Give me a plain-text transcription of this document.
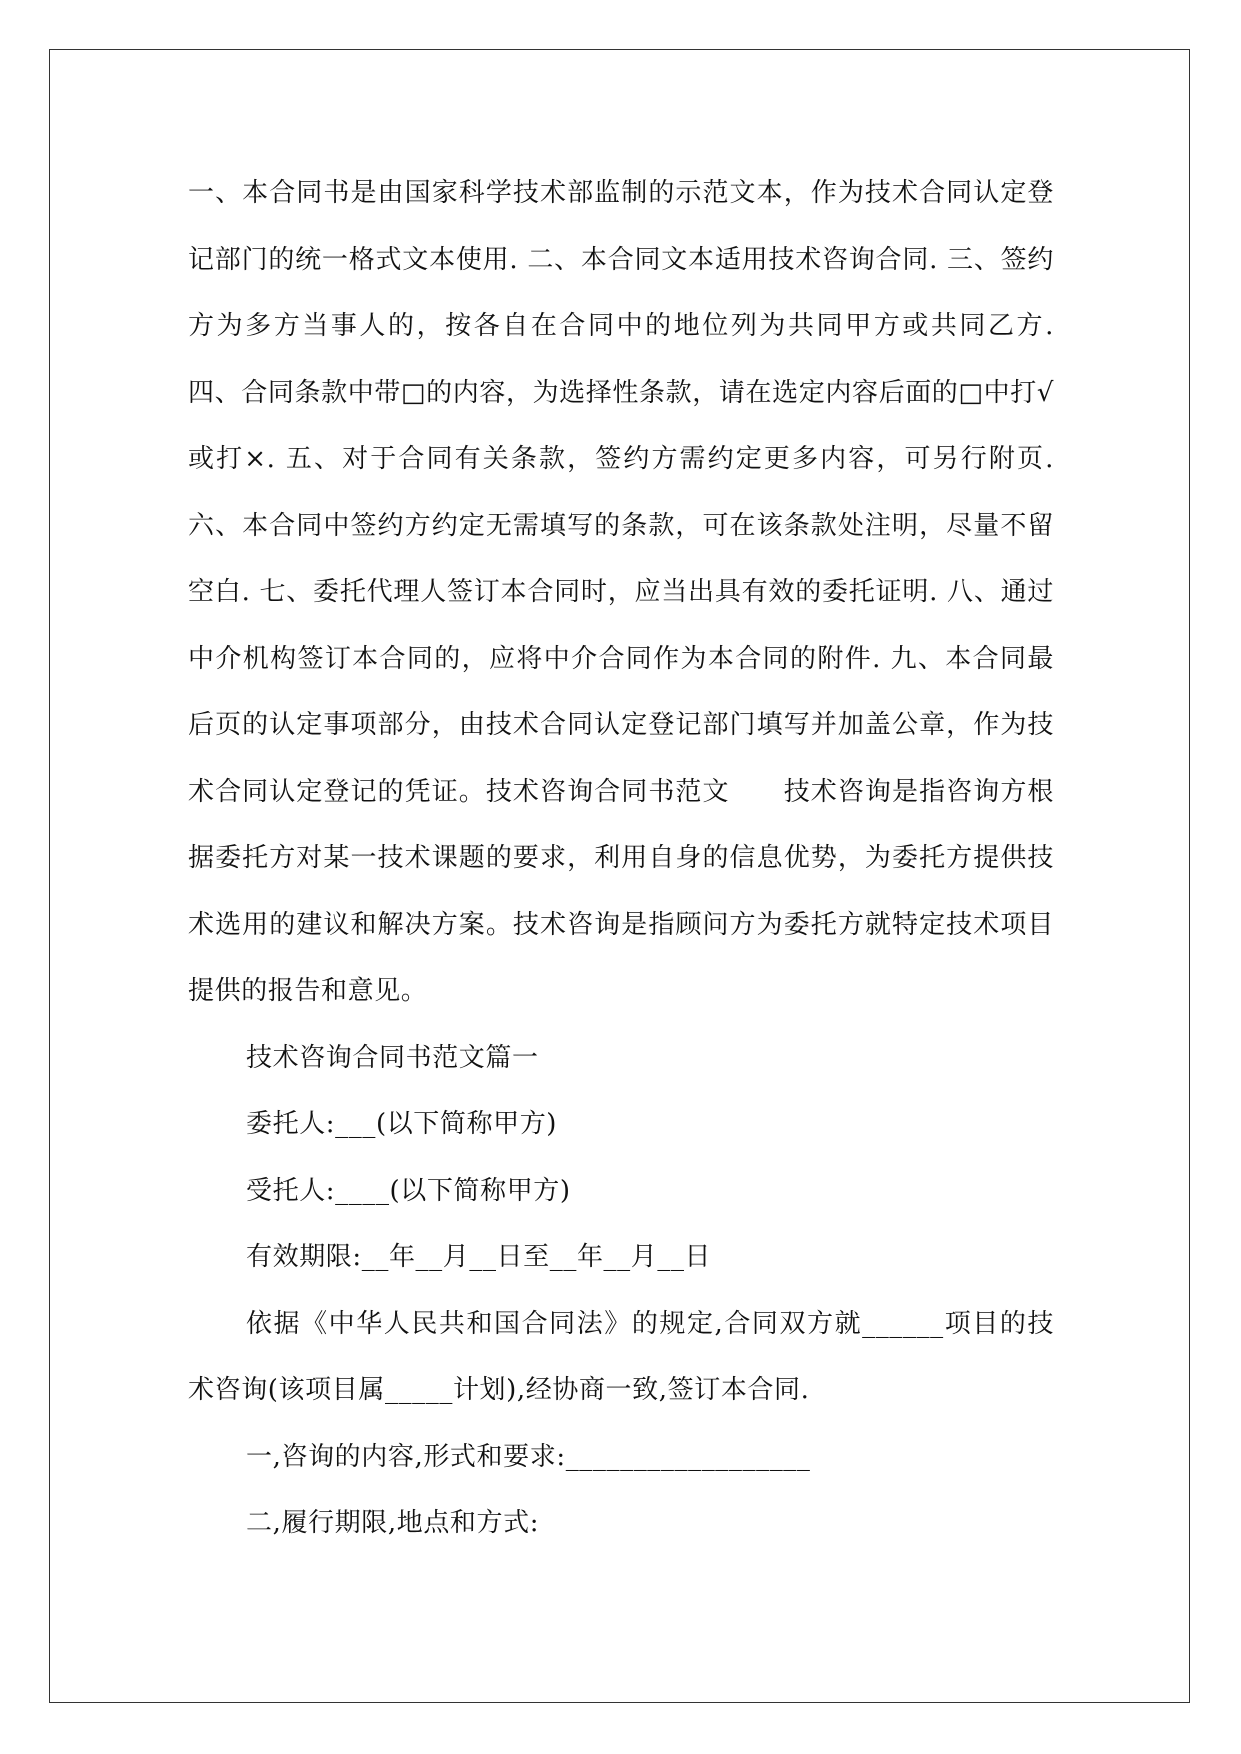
一、本合同书是由国家科学技术部监制的示范文本，作为技术合同认定登记部门的统一格式文本使用. 二、本合同文本适用技术咨询合同. 三、签约方为多方当事人的，按各自在合同中的地位列为共同甲方或共同乙方. 四、合同条款中带□的内容，为选择性条款，请在选定内容后面的□中打√或打×. 五、对于合同有关条款，签约方需约定更多内容，可另行附页. 六、本合同中签约方约定无需填写的条款，可在该条款处注明，尽量不留空白. 七、委托代理人签订本合同时，应当出具有效的委托证明. 八、通过中介机构签订本合同的，应将中介合同作为本合同的附件. 九、本合同最后页的认定事项部分，由技术合同认定登记部门填写并加盖公章，作为技术合同认定登记的凭证。技术咨询合同书范文　　技术咨询是指咨询方根据委托方对某一技术课题的要求，利用自身的信息优势，为委托方提供技术选用的建议和解决方案。技术咨询是指顾问方为委托方就特定技术项目提供的报告和意见。

技术咨询合同书范文篇一

委托人:___(以下简称甲方)

受托人:____(以下简称甲方)

有效期限:__年__月__日至__年__月__日

依据《中华人民共和国合同法》的规定,合同双方就______项目的技术咨询(该项目属_____计划),经协商一致,签订本合同.

一,咨询的内容,形式和要求:__________________

二,履行期限,地点和方式:
